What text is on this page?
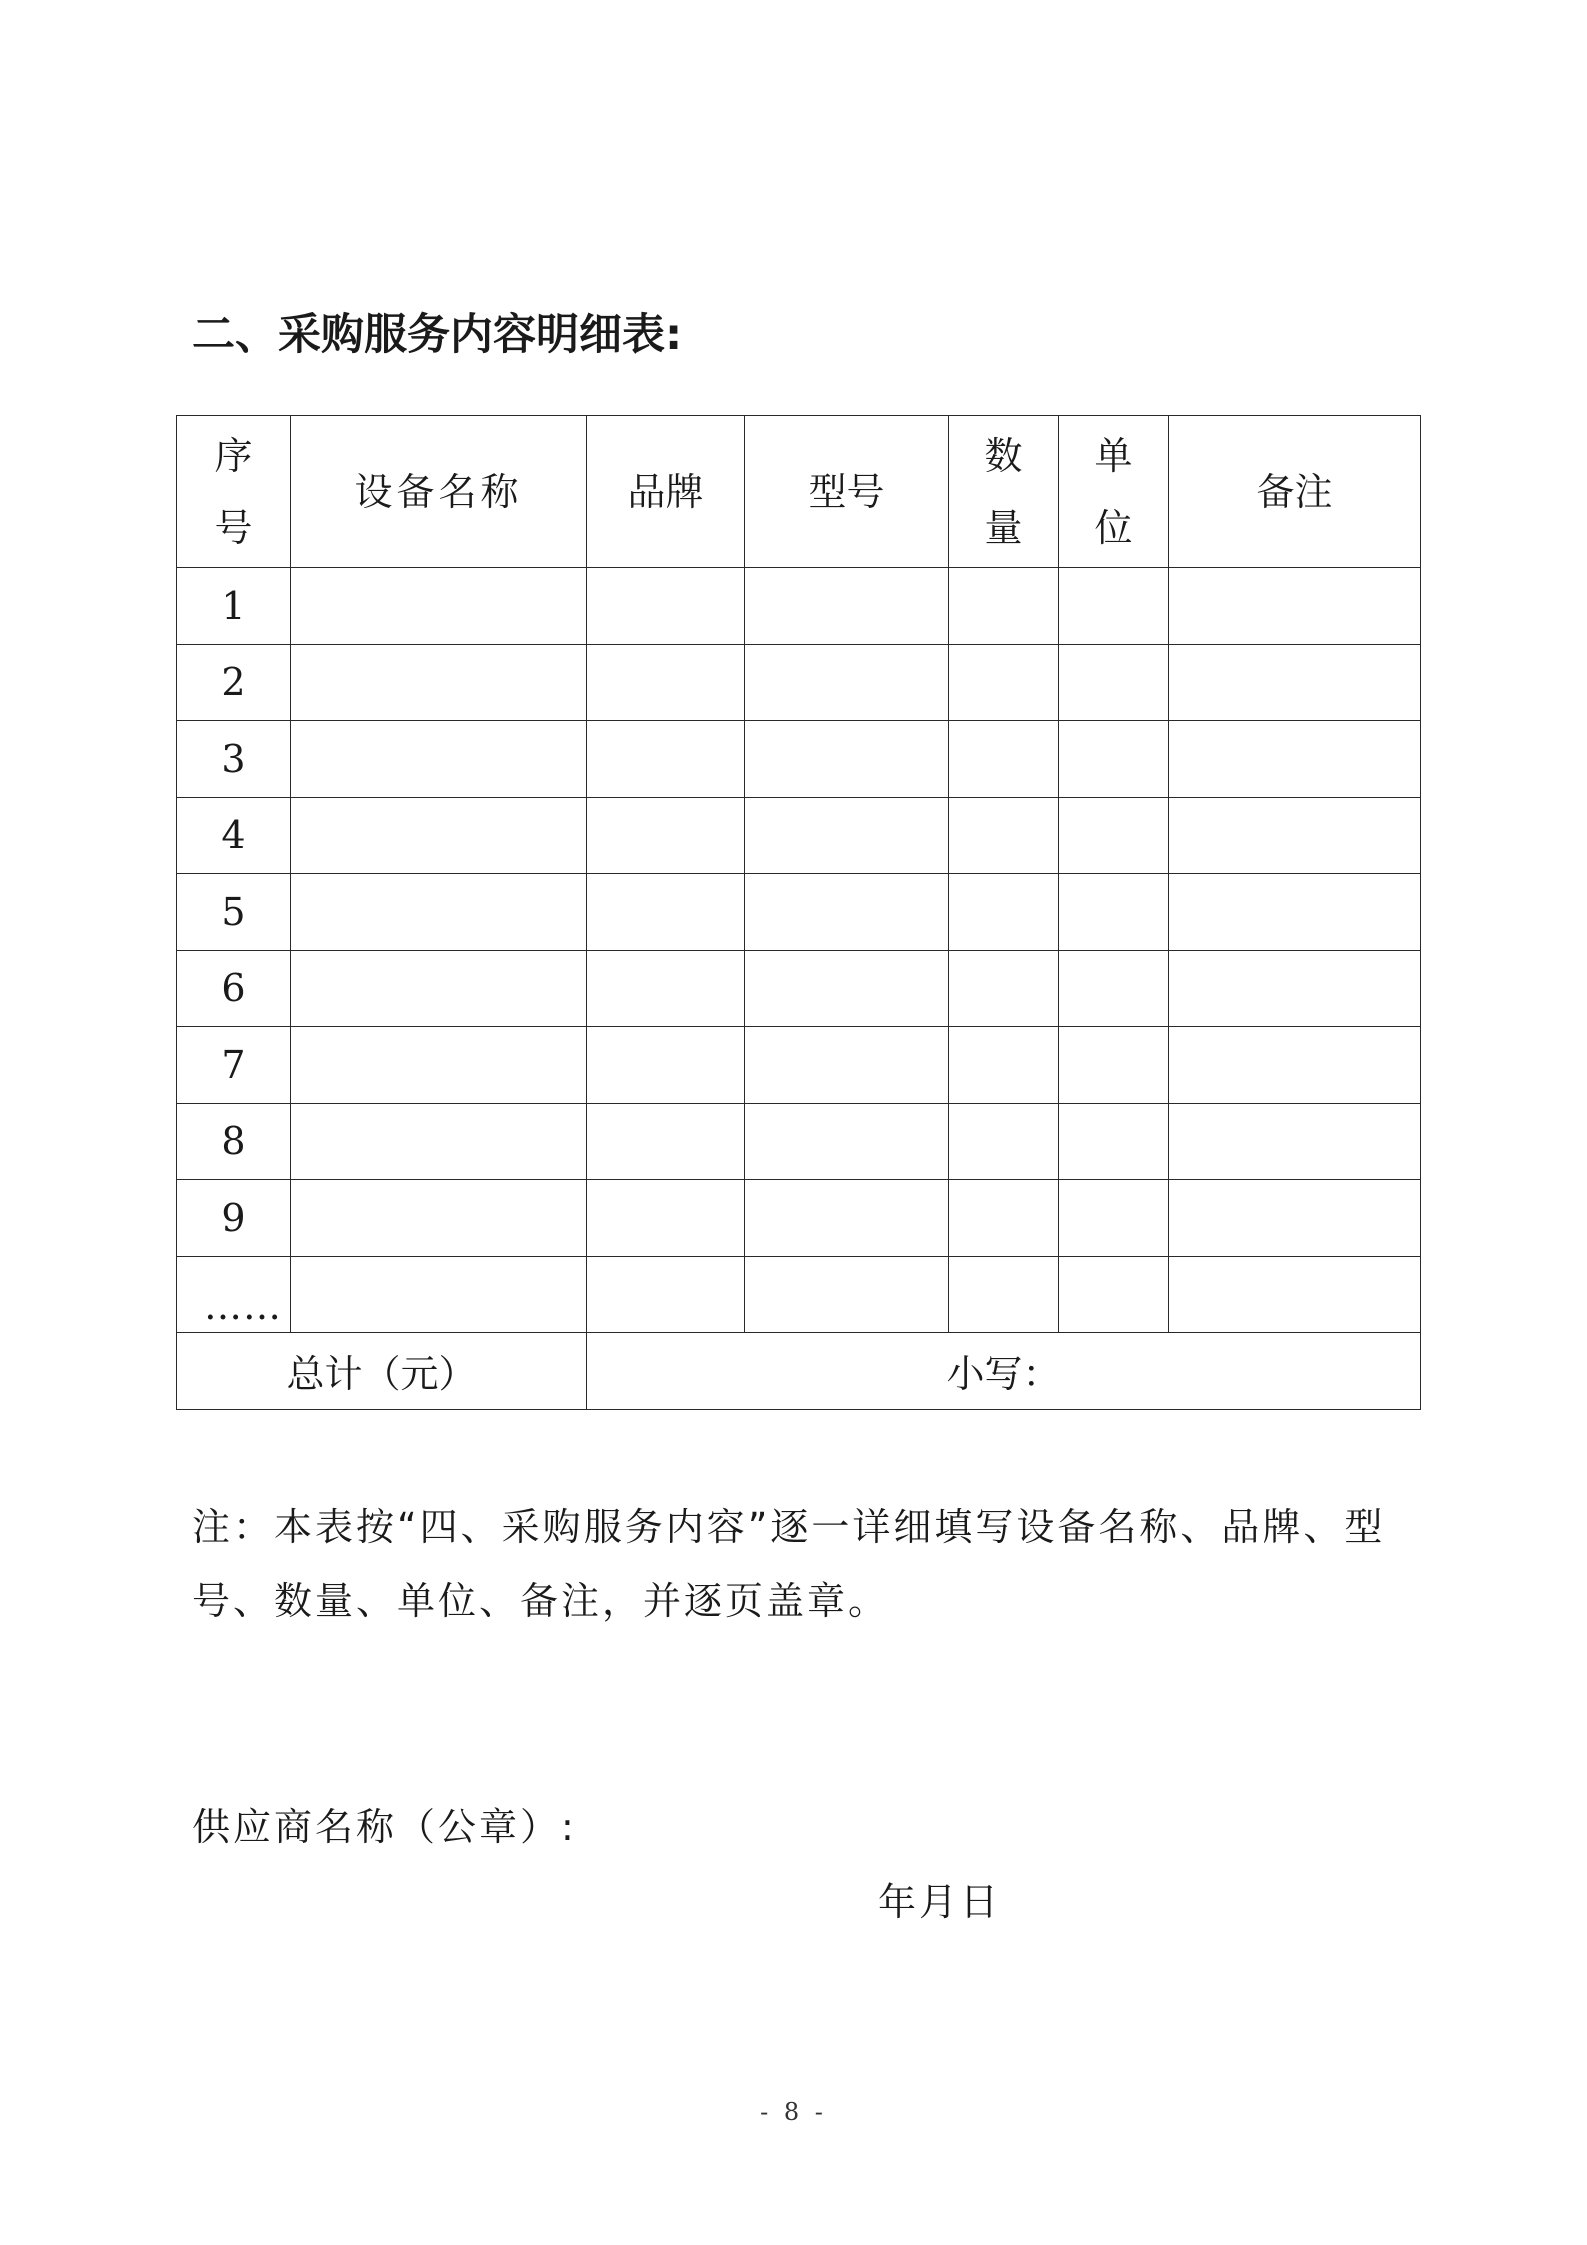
二、采购服务内容明细表:
序号	设备名称	品牌	型号	数量	单位	备注
1						
2						
3						
4						
5						
6						
7						
8						
9						
……						
总计（元）		小写：				

注：本表按“四、采购服务内容”逐一详细填写设备名称、品牌、型号、数量、单位、备注，并逐页盖章。

供应商名称（公章）:

年月日

- 8 -
